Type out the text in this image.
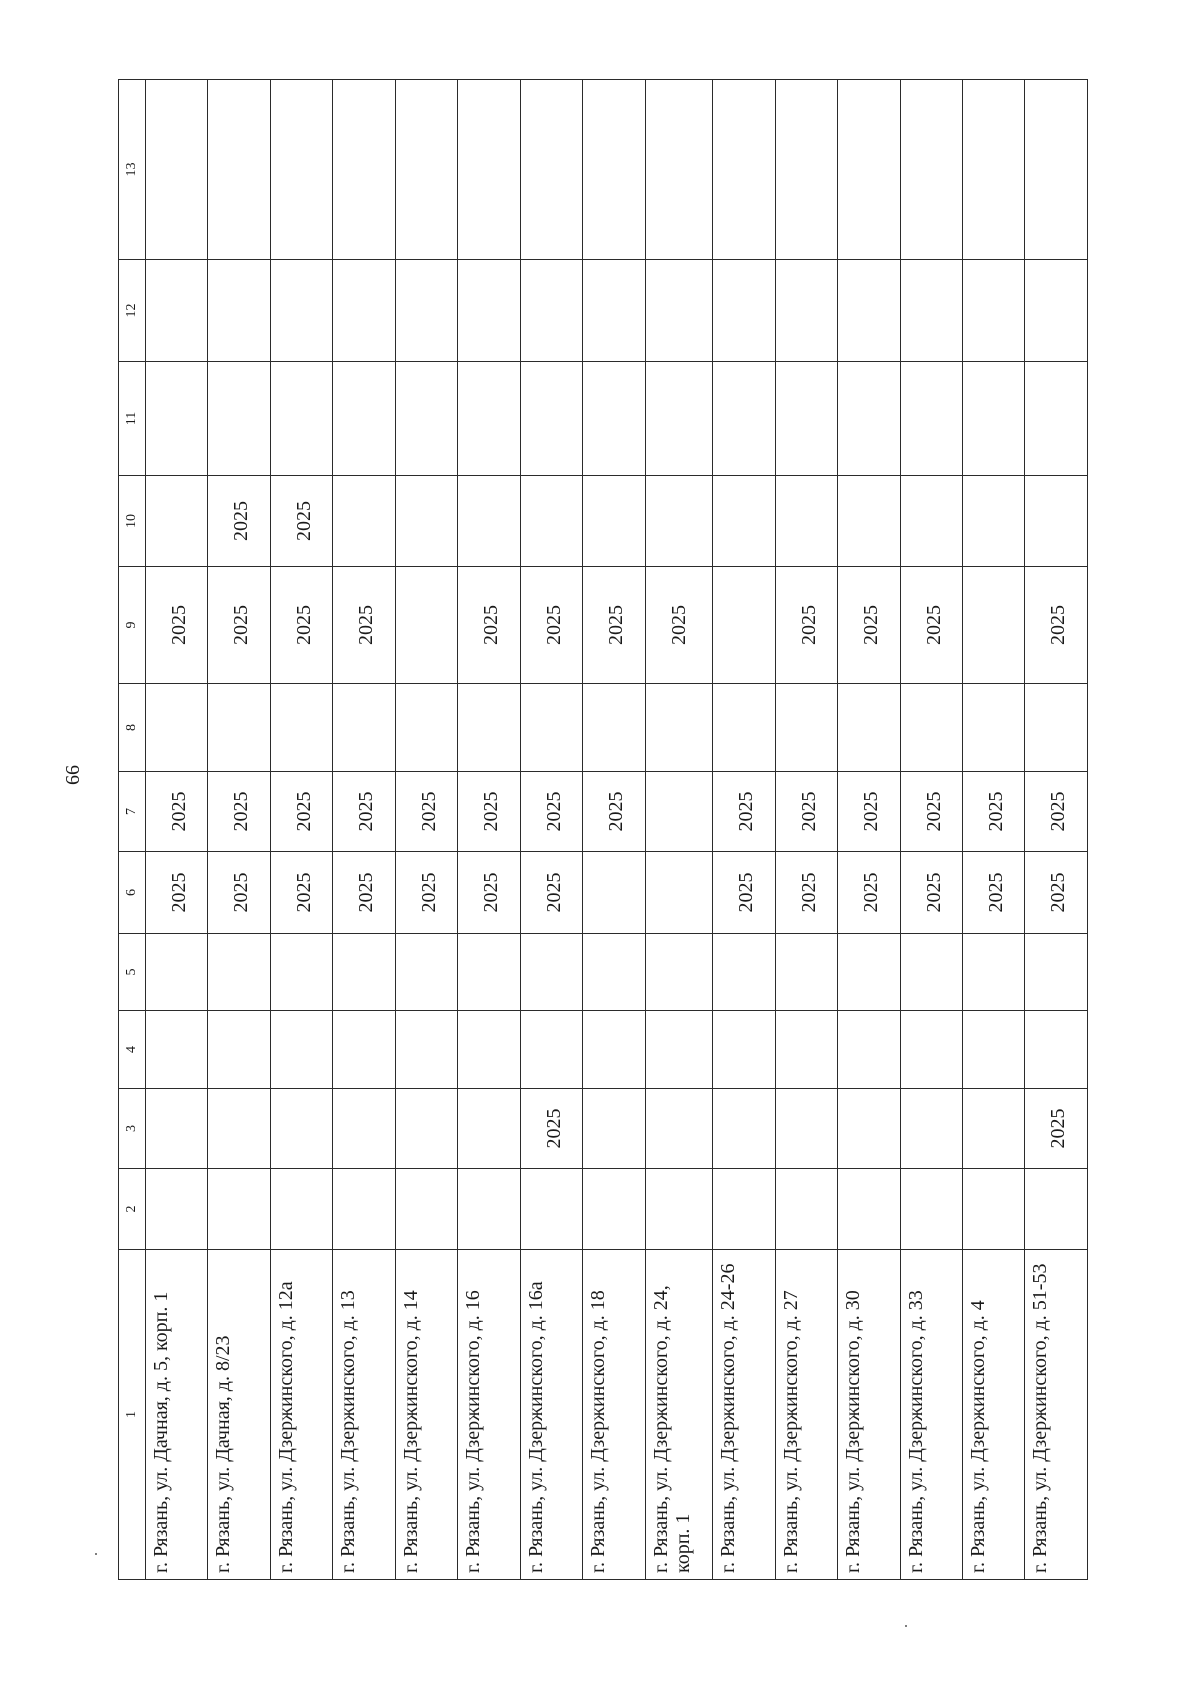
66
1	2	3	4	5	6	7	8	9	10	11	12	13
г. Рязань, ул. Дачная, д. 5, корп. 1					2025	2025		2025				
г. Рязань, ул. Дачная, д. 8/23					2025	2025		2025	2025			
г. Рязань, ул. Дзержинского, д. 12а					2025	2025		2025	2025			
г. Рязань, ул. Дзержинского, д. 13					2025	2025		2025				
г. Рязань, ул. Дзержинского, д. 14					2025	2025						
г. Рязань, ул. Дзержинского, д. 16					2025	2025		2025				
г. Рязань, ул. Дзержинского, д. 16а		2025			2025	2025		2025				
г. Рязань, ул. Дзержинского, д. 18						2025		2025				
г. Рязань, ул. Дзержинского, д. 24, корп. 1								2025				
г. Рязань, ул. Дзержинского, д. 24-26					2025	2025						
г. Рязань, ул. Дзержинского, д. 27					2025	2025		2025				
г. Рязань, ул. Дзержинского, д. 30					2025	2025		2025				
г. Рязань, ул. Дзержинского, д. 33					2025	2025		2025				
г. Рязань, ул. Дзержинского, д. 4					2025	2025						
г. Рязань, ул. Дзержинского, д. 51-53		2025			2025	2025		2025				
